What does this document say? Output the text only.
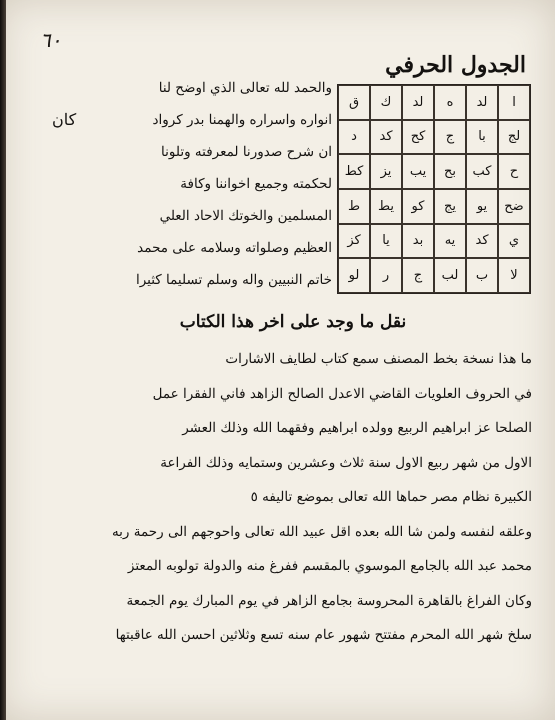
٦٠
الجدول الحرفي
ا
لد
ه
لد
ك
ق
لج
با
ج
كح
كد
د
ح
كب
بح
يب
يز
كط
ضح
يو
يج
كو
يط
ط
ي
كد
يه
بد
يا
كز
لا
ب
لب
ج
ر
لو
كان
والحمد لله تعالى الذي اوضح لنا
انواره واسراره والهمنا بدر كرواد
ان شرح صدورنا لمعرفته وتلونا
لحكمته وجميع اخواننا وكافة
المسلمين والخوتك الاحاد العلي
العظيم وصلواته وسلامه على محمد
خاتم النبيين واله وسلم تسليما كثيرا
نقل ما وجد على اخر هذا الكتاب
ما هذا نسخة بخط المصنف سمع كتاب لطايف الاشارات
في الحروف العلويات القاضي الاعدل الصالح الزاهد فاني الفقرا عمل
الصلحا عز ابراهيم الربيع وولده ابراهيم وفقهما الله وذلك العشر
الاول من شهر ربيع الاول سنة ثلاث وعشرين وستمايه وذلك الفراعة
الكبيرة نظام مصر حماها الله تعالى بموضع تاليفه ٥
وعلقه لنفسه ولمن شا الله بعده اقل عبيد الله تعالى واحوجهم الى رحمة ربه
محمد عبد الله بالجامع الموسوي بالمقسم ففرغ منه والدولة تولوبه المعتز
وكان الفراغ بالقاهرة المحروسة بجامع الزاهر في يوم المبارك يوم الجمعة
سلخ شهر الله المحرم مفتتح شهور عام سنه تسع وثلاثين احسن الله عاقبتها
